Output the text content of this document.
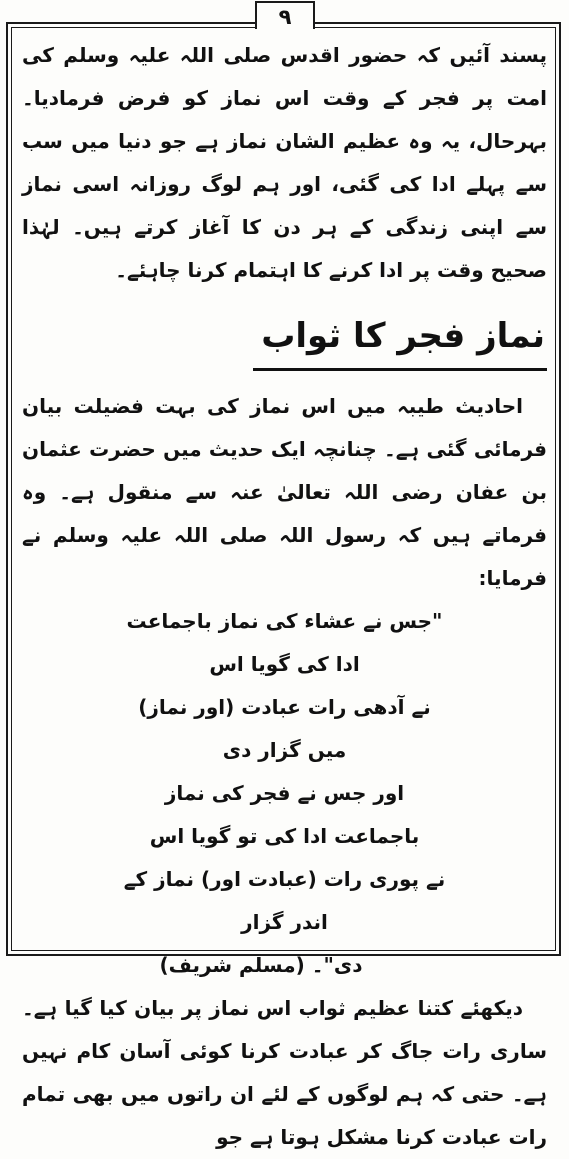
۹

پسند آئیں کہ حضور اقدس صلی اللہ علیہ وسلم کی امت پر فجر کے وقت اس نماز کو فرض فرمادیا۔ بہرحال، یہ وہ عظیم الشان نماز ہے جو دنیا میں سب سے پہلے ادا کی گئی، اور ہم لوگ روزانہ اسی نماز سے اپنی زندگی کے ہر دن کا آغاز کرتے ہیں۔ لہٰذا صحیح وقت پر ادا کرنے کا اہتمام کرنا چاہئے۔

نماز فجر کا ثواب

احادیث طیبہ میں اس نماز کی بہت فضیلت بیان فرمائی گئی ہے۔ چنانچہ ایک حدیث میں حضرت عثمان بن عفان رضی اللہ تعالیٰ عنہ سے منقول ہے۔ وہ فرماتے ہیں کہ رسول اللہ صلی اللہ علیہ وسلم نے فرمایا:

"جس نے عشاء کی نماز باجماعت ادا کی گویا اس
نے آدھی رات عبادت (اور نماز) میں گزار دی
اور جس نے فجر کی نماز باجماعت ادا کی تو گویا اس
نے پوری رات (عبادت اور) نماز کے اندر گزار
دی"۔ (مسلم شریف)

دیکھئے کتنا عظیم ثواب اس نماز پر بیان کیا گیا ہے۔ ساری رات جاگ کر عبادت کرنا کوئی آسان کام نہیں ہے۔ حتی کہ ہم لوگوں کے لئے ان راتوں میں بھی تمام رات عبادت کرنا مشکل ہوتا ہے جو
